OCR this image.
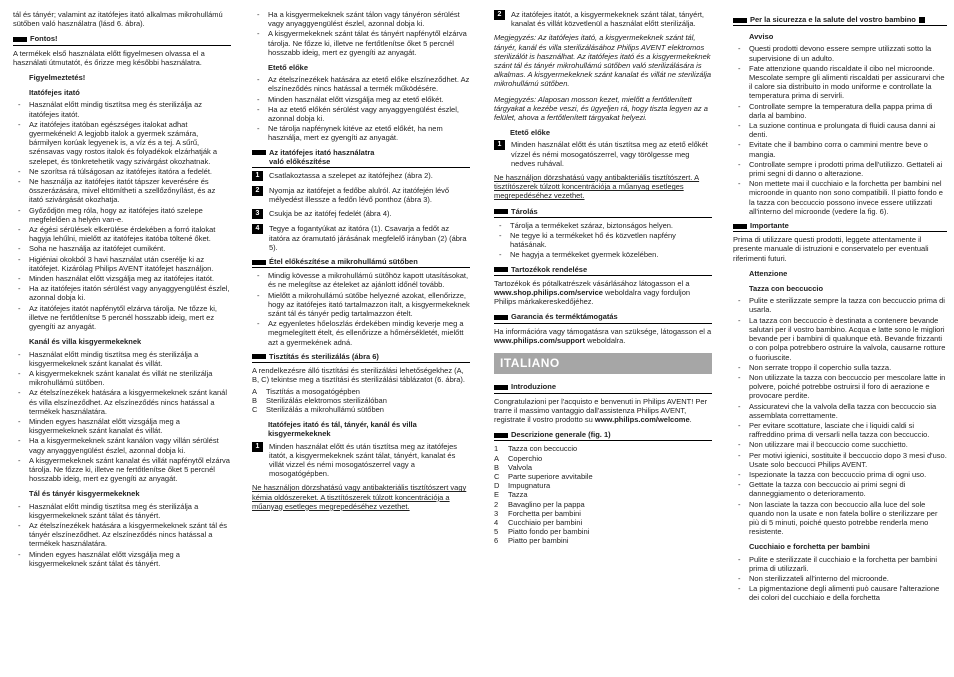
tál és tányér; valamint az itatófejes itató alkalmas mikrohullámú sütőben való használatra (lásd 6. ábra).

Fontos!

A termékek első használata előtt figyelmesen olvassa el a használati útmutatót, és őrizze meg későbbi használatra.

Figyelmeztetés!
Itatófejes itató
- Használat előtt mindig tisztítsa meg és sterilizálja az itatófejes itatót.
- Az itatófejes itatóban egészséges italokat adhat gyermekének! A legjobb italok a gyermek számára, bármilyen korúak legyenek is, a víz és a tej. A sűrű, szénsavas vagy rostos italok és folyadékok elzárhatják a szelepet, és tönkretehetik vagy szivárgást okozhatnak.
- Ne szorítsa rá túlságosan az itatófejes itatóra a fedelét.
- Ne használja az itatófejes itatót tápszer keverésére és összerázására, mivel eltömítheti a szellőzőnyílást, és az itató szivárgását okozhatja.
- Győződjön meg róla, hogy az itatófejes itató szelepe megfelelően a helyén van-e.
- Az égési sérülések elkerülése érdekében a forró italokat hagyja lehűlni, mielőtt az itatófejes itatóba töltené őket.
- Soha ne használja az itatófejet cumiként.
- Higiéniai okokból 3 havi használat után cserélje ki az itatófejet. Kizárólag Philips AVENT itatófejet használjon.
- Minden használat előtt vizsgálja meg az itatófejes itatót.
- Ha az itatófejes itatón sérülést vagy anyaggyengülést észlel, azonnal dobja ki.
- Az itatófejes itatót napfénytől elzárva tárolja. Ne tőzze ki, illetve ne fertőtlenítse 5 percnél hosszabb ideig, mert ez gyengíti az anyagát.
Kanál és villa kisgyermekeknek
- Használat előtt mindig tisztítsa meg és sterilizálja a kisgyermekeknek szánt kanalat és villát.
- A kisgyermekeknek szánt kanalat és villát ne sterilizálja mikrohullámú sütőben.
- Az ételszínezékek hatására a kisgyermekeknek szánt kanál és villa elszíneződhet. Az elszíneződés nincs hatással a termékek használatára.
- Minden egyes használat előtt vizsgálja meg a kisgyermekeknek szánt kanalat és villát.
- Ha a kisgyermekeknek szánt kanálon vagy villán sérülést vagy anyaggyengülést észlel, azonnal dobja ki.
- A kisgyermekeknek szánt kanalat és villát napfénytől elzárva tárolja. Ne főzze ki, illetve ne fertőtlenítse őket 5 percnél hosszabb ideig, mert ez gyengíti az anyagát.
Tál és tányér kisgyermekeknek
- Használat előtt mindig tisztítsa meg és sterilizálja a kisgyermekeknek szánt tálat és tányért.
- Az ételszínezékek hatására a kisgyermekeknek szánt tál és tányér elszíneződhet. Az elszíneződés nincs hatással a termékek használatára.
- Minden egyes használat előtt vizsgálja meg a kisgyermekeknek szánt tálat és tányért.
- Ha a kisgyermekeknek szánt tálon vagy tányéron sérülést vagy anyaggyengülést észlel, azonnal dobja ki.
- A kisgyermekeknek szánt tálat és tányért napfénytől elzárva tárolja. Ne főzze ki, illetve ne fertőtlenítse őket 5 percnél hosszabb ideig, mert ez gyengíti az anyagát.
Etető előke
- Az ételszínezékek hatására az etető előke elszíneződhet. Az elszíneződés nincs hatással a termék működésére.
- Minden használat előtt vizsgálja meg az etető előkét.
- Ha az etető előkén sérülést vagy anyaggyengülést észlel, azonnal dobja ki.
- Ne tárolja napfénynek kitéve az etető előkét, ha nem használja, mert ez gyengíti az anyagát.
Az itatófejes itató használatra
való előkészítése
1	Csatlakoztassa a szelepet az itatófejhez (ábra 2).
2	Nyomja az itatófejet a fedőbe alulról. Az itatófején lévő mélyedést illessze a fedőn lévő ponthoz (ábra 3).
3	Csukja be az itatófej fedelét (ábra 4).
4	Tegye a fogantyúkat az itatóra (1). Csavarja a fedőt az itatóra az óramutató járásának megfelelő irányban (2) (ábra 5).
Étel előkészítése a mikrohullámú sütőben
- Mindig kövesse a mikrohullámú sütőhöz kapott utasításokat, és ne melegítse az ételeket az ajánlott időnél tovább.
- Mielőtt a mikrohullámú sütőbe helyezné azokat, ellenőrizze, hogy az itatófejes itató tartalmazzon italt, a kisgyermekeknek szánt tál és tányér pedig tartalmazzon ételt.
- Az egyenletes hőeloszlás érdekében mindig keverje meg a megmelegített ételt, és ellenőrizze a hőmérsékletét, mielőtt azt a gyermekének adná.
Tisztítás és sterilizálás (ábra 6)

A rendelkezésre álló tisztítási és sterilizálási lehetőségekhez (A, B, C) tekintse meg a tisztítási és sterilizálási táblázatot (6. ábra).

A	Tisztítás a mosogatógépben
B	Sterilizálás elektromos sterilizálóban
C	Sterilizálás a mikrohullámú sütőben
Itatófejes itató és tál, tányér, kanál és villa kisgyermekeknek
1	Minden használat előtt és után tisztítsa meg az itatófejes itatót, a kisgyermekeknek szánt tálat, tányért, kanalat és villát vizzel és némi mosogatószerrel vagy a mosogatógépben.

Ne használjon dörzshatású vagy antibakteriális tisztítószert vagy kémia oldószereket. A tisztítószerek túlzott koncentrációja a műanyag esetleges megrepedéséhez vezethet.

2	Az itatófejes itatót, a kisgyermekeknek szánt tálat, tányért, kanalat és villát közvetlenül a használat előtt sterilizálja.

Megjegyzés: Az itatófejes itató, a kisgyermekeknek szánt tál, tányér, kanál és villa sterilizálásához Philips AVENT elektromos sterilizálót is használhat. Az itatófejes itató és a kisgyermekeknek szánt tál és tányér mikrohullámú sütőben való sterilizálására is alkalmas. A kisgyermekeknek szánt kanalat és villát ne sterilizálja mikrohullámú sütőben.

Megjegyzés: Alaposan mosson kezet, mielőtt a fertőtlenített tárgyakat a kezébe veszi, és ügyeljen rá, hogy tiszta legyen az a felület, ahova a fertőtlenített tárgyakat helyezi.

Etető előke
1	Minden használat előtt és után tisztítsa meg az etető előkét vízzel és némi mosogatószerrel, vagy törölgesse meg nedves ruhával.

Ne használjon dörzshatású vagy antibakteriális tisztítószert. A tisztítószerek túlzott koncentrációja a műanyag esetleges megrepedéséhez vezethet.

Tárolás
- Tárolja a termékeket száraz, biztonságos helyen.
- Ne tegye ki a termékeket hő és közvetlen napfény hatásának.
- Ne hagyja a termékeket gyermek közelében.
Tartozékok rendelése

Tartozékok és pótalkatrészek vásárlásához látogasson el a www.shop.philips.com/service weboldalra vagy forduljon Philips márkakereskedőjéhez.

Garancia és terméktámogatás

Ha információra vagy támogatásra van szüksége, látogasson el a www.philips.com/support weboldalra.

ITALIANO
Introduzione

Congratulazioni per l'acquisto e benvenuti in Philips AVENT! Per trarre il massimo vantaggio dall'assistenza Philips AVENT, registrate il vostro prodotto su www.philips.com/welcome.

Descrizione generale (fig. 1)
1	Tazza con beccuccio
A	Coperchio
B	Valvola
C	Parte superiore avvitabile
D	Impugnatura
E	Tazza
2	Bavaglino per la pappa
3	Forchetta per bambini
4	Cucchiaio per bambini
5	Piatto fondo per bambini
6	Piatto per bambini
Per la sicurezza e la salute del vostro bambino
Avviso
- Questi prodotti devono essere sempre utilizzati sotto la supervisione di un adulto.
- Fate attenzione quando riscaldate il cibo nel microonde. Mescolate sempre gli alimenti riscaldati per assicurarvi che il calore sia distribuito in modo uniforme e controllate la temperatura prima di servirli.
- Controllate sempre la temperatura della pappa prima di darla al bambino.
- La suzione continua e prolungata di fluidi causa danni ai denti.
- Evitate che il bambino corra o cammini mentre beve o mangia.
- Controllate sempre i prodotti prima dell'utilizzo. Gettateli ai primi segni di danno o alterazione.
- Non mettete mai il cucchiaio e la forchetta per bambini nel microonde in quanto non sono compatibili. Il piatto fondo e la tazza con beccuccio possono invece essere utilizzati all'interno del microonde (vedere la fig. 6).
Importante

Prima di utilizzare questi prodotti, leggete attentamente il presente manuale di istruzioni e conservatelo per eventuali riferimenti futuri.

Attenzione
Tazza con beccuccio
- Pulite e sterilizzate sempre la tazza con beccuccio prima di usarla.
- La tazza con beccuccio è destinata a contenere bevande salutari per il vostro bambino. Acqua e latte sono le migliori bevande per i bambini di qualunque età. Bevande frizzanti o con polpa potrebbero ostruire la valvola, causarne rotture o fuoriuscite.
- Non serrate troppo il coperchio sulla tazza.
- Non utilizzate la tazza con beccuccio per mescolare latte in polvere, poiché potrebbe ostruirsi il foro di aerazione e provocare perdite.
- Assicuratevi che la valvola della tazza con beccuccio sia assemblata correttamente.
- Per evitare scottature, lasciate che i liquidi caldi si raffreddino prima di versarli nella tazza con beccuccio.
- Non utilizzare mai il beccuccio come succhietto.
- Per motivi igienici, sostituite il beccuccio dopo 3 mesi d'uso. Usate solo beccucci Philips AVENT.
- Ispezionate la tazza con beccuccio prima di ogni uso.
- Gettate la tazza con beccuccio ai primi segni di danneggiamento o deterioramento.
- Non lasciate la tazza con beccuccio alla luce del sole quando non la usate e non fatela bollire o sterilizzare per più di 5 minuti, poiché questo potrebbe renderla meno resistente.
Cucchiaio e forchetta per bambini
- Pulite e sterilizzate il cucchiaio e la forchetta per bambini prima di utilizzarli.
- Non sterilizzateli all'interno del microonde.
- La pigmentazione degli alimenti può causare l'alterazione dei colori del cucchiaio e della forchetta
